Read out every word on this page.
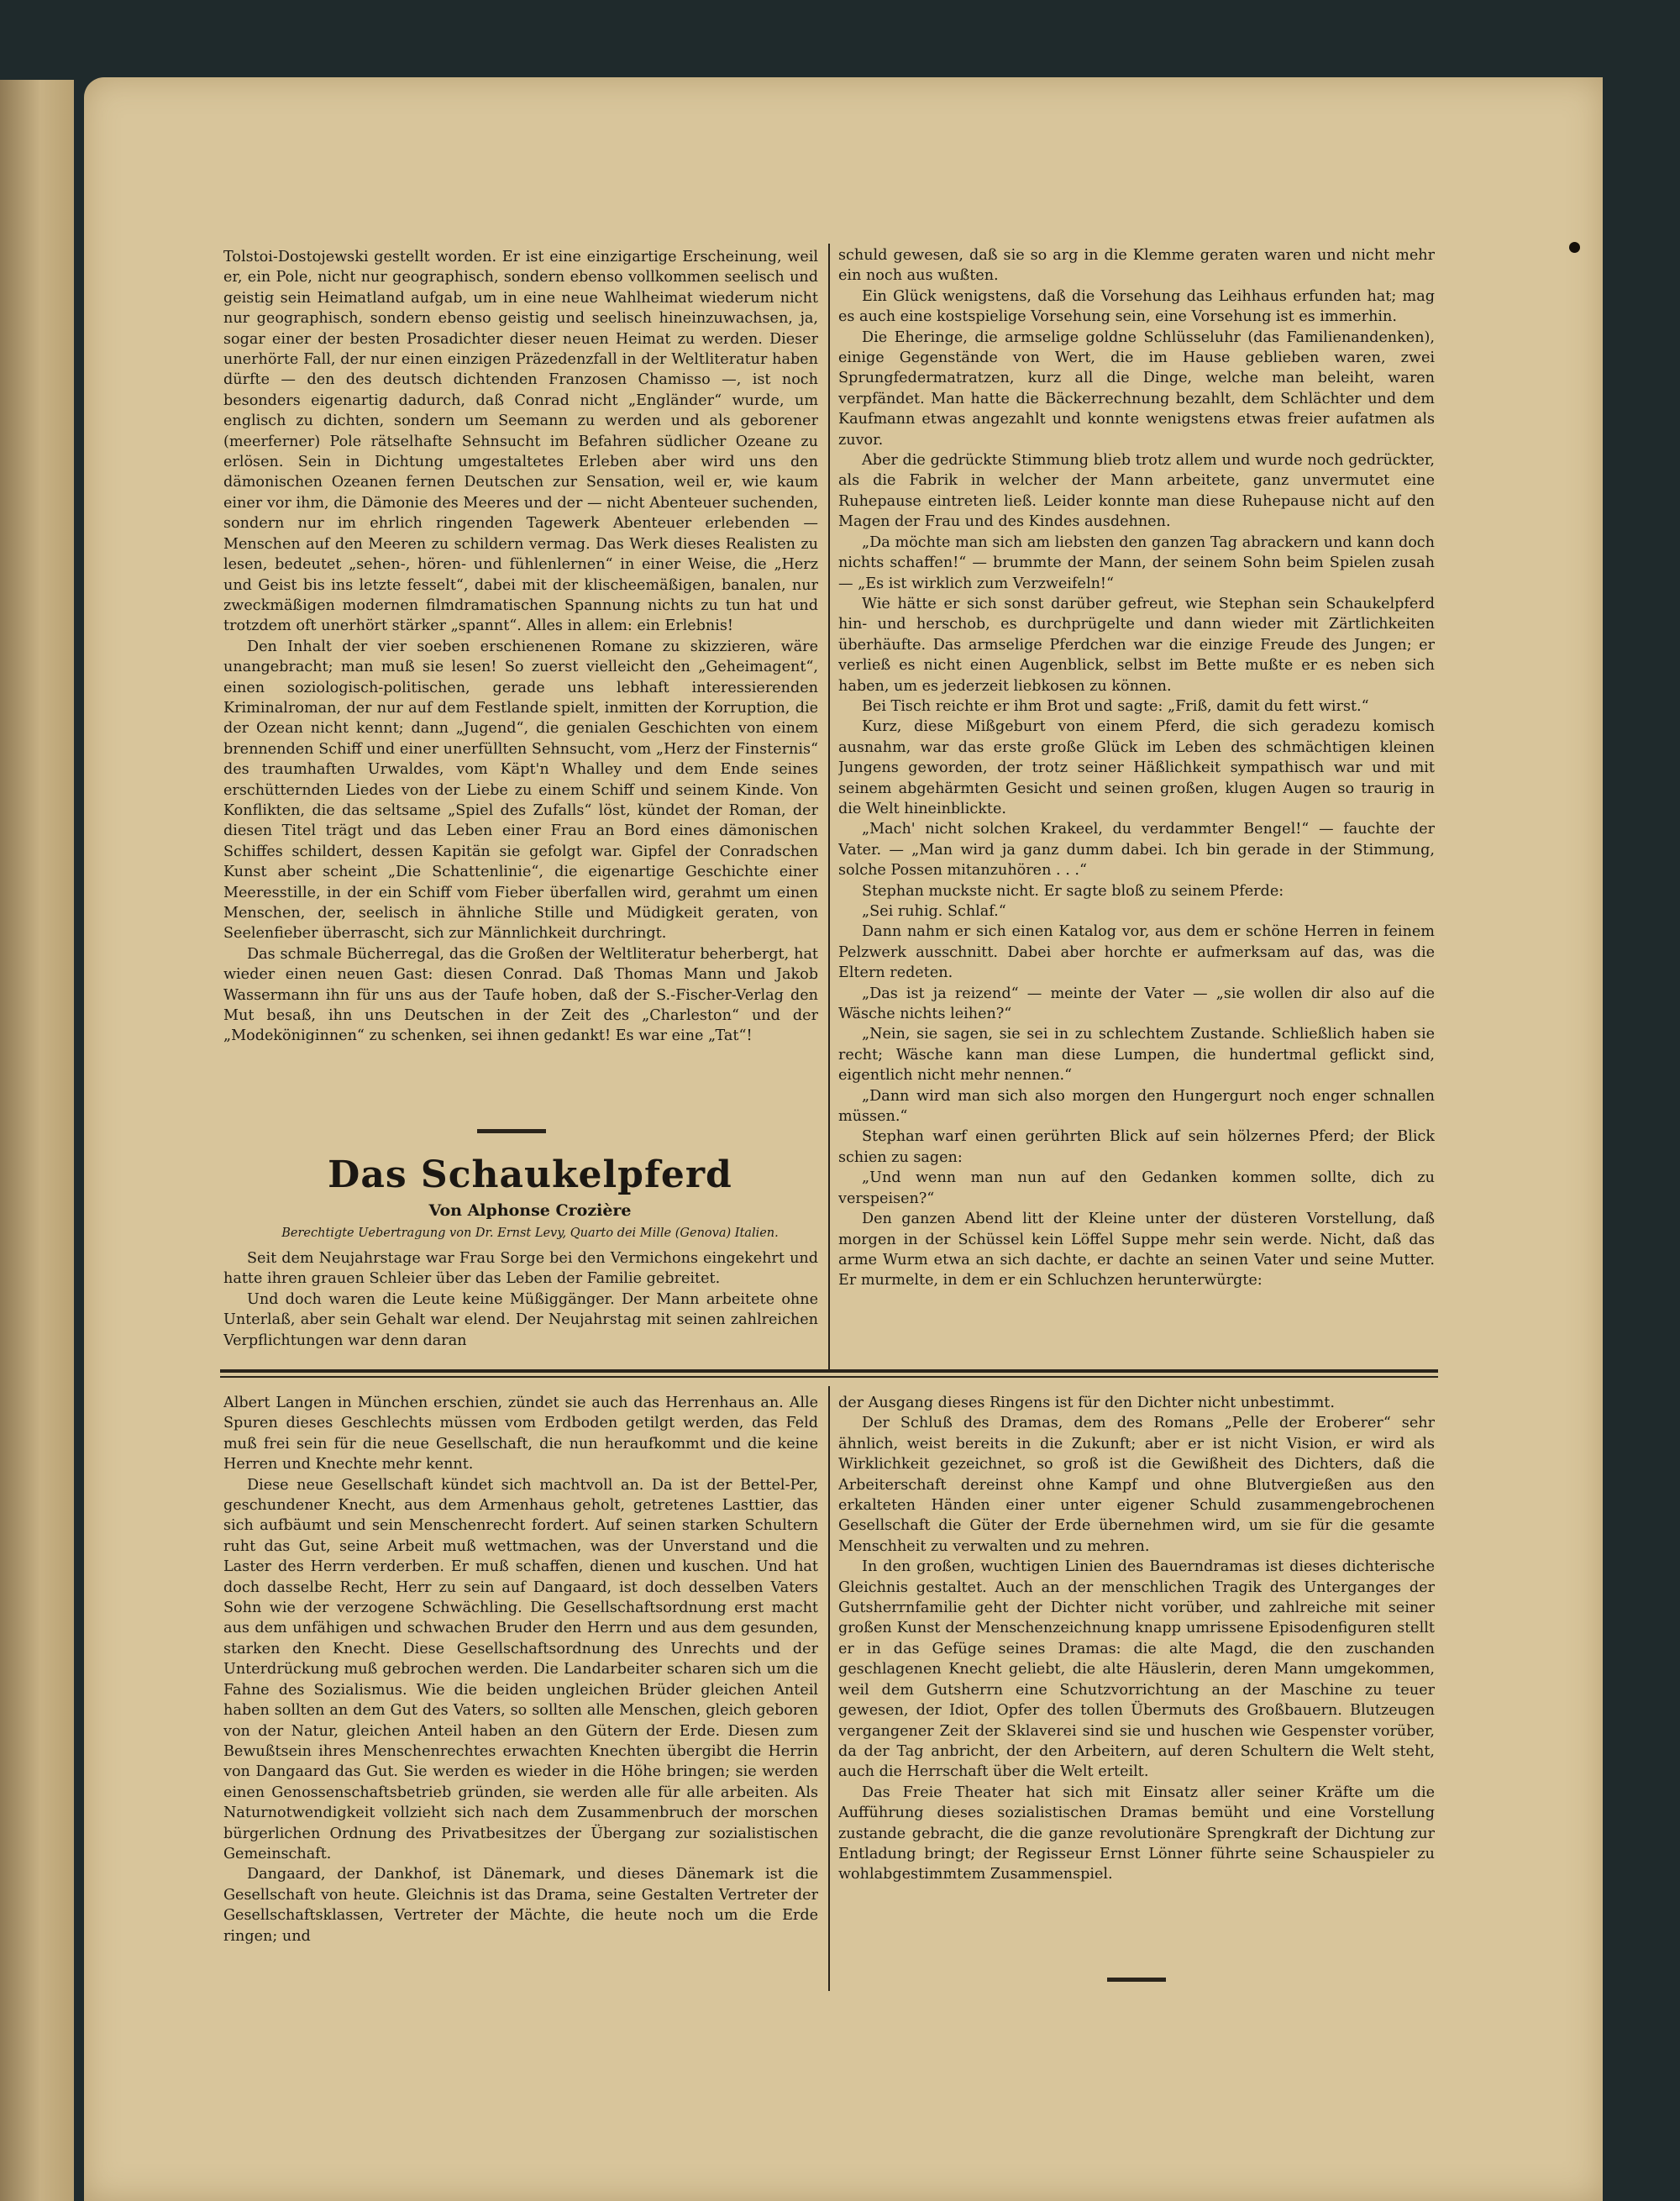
Tolstoi-Dostojewski gestellt worden. Er ist eine einzigartige Erscheinung, weil er, ein Pole, nicht nur geographisch, sondern ebenso vollkommen seelisch und geistig sein Heimatland aufgab, um in eine neue Wahlheimat wiederum nicht nur geographisch, sondern ebenso geistig und seelisch hineinzuwachsen, ja, sogar einer der besten Prosadichter dieser neuen Heimat zu werden. Dieser unerhörte Fall, der nur einen einzigen Präzedenzfall in der Weltliteratur haben dürfte — den des deutsch dichtenden Franzosen Chamisso —, ist noch besonders eigenartig dadurch, daß Conrad nicht „Engländer“ wurde, um englisch zu dichten, sondern um Seemann zu werden und als geborener (meerferner) Pole rätselhafte Sehnsucht im Befahren südlicher Ozeane zu erlösen. Sein in Dichtung umgestaltetes Erleben aber wird uns den dämonischen Ozeanen fernen Deutschen zur Sensation, weil er, wie kaum einer vor ihm, die Dämonie des Meeres und der — nicht Abenteuer suchenden, sondern nur im ehrlich ringenden Tagewerk Abenteuer erlebenden — Menschen auf den Meeren zu schildern vermag. Das Werk dieses Realisten zu lesen, bedeutet „sehen-, hören- und fühlenlernen“ in einer Weise, die „Herz und Geist bis ins letzte fesselt“, dabei mit der klischeemäßigen, banalen, nur zweckmäßigen modernen filmdramatischen Spannung nichts zu tun hat und trotzdem oft unerhört stärker „spannt“. Alles in allem: ein Erlebnis!

Den Inhalt der vier soeben erschienenen Romane zu skizzieren, wäre unangebracht; man muß sie lesen! So zuerst vielleicht den „Geheimagent“, einen soziologisch-politischen, gerade uns lebhaft interessierenden Kriminalroman, der nur auf dem Festlande spielt, inmitten der Korruption, die der Ozean nicht kennt; dann „Jugend“, die genialen Geschichten von einem brennenden Schiff und einer unerfüllten Sehnsucht, vom „Herz der Finsternis“ des traumhaften Urwaldes, vom Käpt'n Whalley und dem Ende seines erschütternden Liedes von der Liebe zu einem Schiff und seinem Kinde. Von Konflikten, die das seltsame „Spiel des Zufalls“ löst, kündet der Roman, der diesen Titel trägt und das Leben einer Frau an Bord eines dämonischen Schiffes schildert, dessen Kapitän sie gefolgt war. Gipfel der Conradschen Kunst aber scheint „Die Schattenlinie“, die eigenartige Geschichte einer Meeresstille, in der ein Schiff vom Fieber überfallen wird, gerahmt um einen Menschen, der, seelisch in ähnliche Stille und Müdigkeit geraten, von Seelenfieber überrascht, sich zur Männlichkeit durchringt.

Das schmale Bücherregal, das die Großen der Weltliteratur beherbergt, hat wieder einen neuen Gast: diesen Conrad. Daß Thomas Mann und Jakob Wassermann ihn für uns aus der Taufe hoben, daß der S.-Fischer-Verlag den Mut besaß, ihn uns Deutschen in der Zeit des „Charleston“ und der „Modeköniginnen“ zu schenken, sei ihnen gedankt! Es war eine „Tat“!

Das Schaukelpferd
Von Alphonse Crozière
Berechtigte Uebertragung von Dr. Ernst Levy, Quarto dei Mille (Genova) Italien.

Seit dem Neujahrstage war Frau Sorge bei den Vermichons eingekehrt und hatte ihren grauen Schleier über das Leben der Familie gebreitet.

Und doch waren die Leute keine Müßiggänger. Der Mann arbeitete ohne Unterlaß, aber sein Gehalt war elend. Der Neujahrstag mit seinen zahlreichen Verpflichtungen war denn daran

schuld gewesen, daß sie so arg in die Klemme geraten waren und nicht mehr ein noch aus wußten.

Ein Glück wenigstens, daß die Vorsehung das Leihhaus erfunden hat; mag es auch eine kostspielige Vorsehung sein, eine Vorsehung ist es immerhin.

Die Eheringe, die armselige goldne Schlüsseluhr (das Familienandenken), einige Gegenstände von Wert, die im Hause geblieben waren, zwei Sprungfedermatratzen, kurz all die Dinge, welche man beleiht, waren verpfändet. Man hatte die Bäckerrechnung bezahlt, dem Schlächter und dem Kaufmann etwas angezahlt und konnte wenigstens etwas freier aufatmen als zuvor.

Aber die gedrückte Stimmung blieb trotz allem und wurde noch gedrückter, als die Fabrik in welcher der Mann arbeitete, ganz unvermutet eine Ruhepause eintreten ließ. Leider konnte man diese Ruhepause nicht auf den Magen der Frau und des Kindes ausdehnen.

„Da möchte man sich am liebsten den ganzen Tag abrackern und kann doch nichts schaffen!“ — brummte der Mann, der seinem Sohn beim Spielen zusah — „Es ist wirklich zum Verzweifeln!“

Wie hätte er sich sonst darüber gefreut, wie Stephan sein Schaukelpferd hin- und herschob, es durchprügelte und dann wieder mit Zärtlichkeiten überhäufte. Das armselige Pferdchen war die einzige Freude des Jungen; er verließ es nicht einen Augenblick, selbst im Bette mußte er es neben sich haben, um es jederzeit liebkosen zu können.

Bei Tisch reichte er ihm Brot und sagte: „Friß, damit du fett wirst.“

Kurz, diese Mißgeburt von einem Pferd, die sich geradezu komisch ausnahm, war das erste große Glück im Leben des schmächtigen kleinen Jungens geworden, der trotz seiner Häßlichkeit sympathisch war und mit seinem abgehärmten Gesicht und seinen großen, klugen Augen so traurig in die Welt hineinblickte.

„Mach' nicht solchen Krakeel, du verdammter Bengel!“ — fauchte der Vater. — „Man wird ja ganz dumm dabei. Ich bin gerade in der Stimmung, solche Possen mitanzuhören . . .“

Stephan muckste nicht. Er sagte bloß zu seinem Pferde:

„Sei ruhig. Schlaf.“

Dann nahm er sich einen Katalog vor, aus dem er schöne Herren in feinem Pelzwerk ausschnitt. Dabei aber horchte er aufmerksam auf das, was die Eltern redeten.

„Das ist ja reizend“ — meinte der Vater — „sie wollen dir also auf die Wäsche nichts leihen?“

„Nein, sie sagen, sie sei in zu schlechtem Zustande. Schließlich haben sie recht; Wäsche kann man diese Lumpen, die hundertmal geflickt sind, eigentlich nicht mehr nennen.“

„Dann wird man sich also morgen den Hungergurt noch enger schnallen müssen.“

Stephan warf einen gerührten Blick auf sein hölzernes Pferd; der Blick schien zu sagen:

„Und wenn man nun auf den Gedanken kommen sollte, dich zu verspeisen?“

Den ganzen Abend litt der Kleine unter der düsteren Vorstellung, daß morgen in der Schüssel kein Löffel Suppe mehr sein werde. Nicht, daß das arme Wurm etwa an sich dachte, er dachte an seinen Vater und seine Mutter. Er murmelte, in dem er ein Schluchzen herunterwürgte:

Albert Langen in München erschien, zündet sie auch das Herrenhaus an. Alle Spuren dieses Geschlechts müssen vom Erdboden getilgt werden, das Feld muß frei sein für die neue Gesellschaft, die nun heraufkommt und die keine Herren und Knechte mehr kennt.

Diese neue Gesellschaft kündet sich machtvoll an. Da ist der Bettel-Per, geschundener Knecht, aus dem Armenhaus geholt, getretenes Lasttier, das sich aufbäumt und sein Menschenrecht fordert. Auf seinen starken Schultern ruht das Gut, seine Arbeit muß wettmachen, was der Unverstand und die Laster des Herrn verderben. Er muß schaffen, dienen und kuschen. Und hat doch dasselbe Recht, Herr zu sein auf Dangaard, ist doch desselben Vaters Sohn wie der verzogene Schwächling. Die Gesellschaftsordnung erst macht aus dem unfähigen und schwachen Bruder den Herrn und aus dem gesunden, starken den Knecht. Diese Gesellschaftsordnung des Unrechts und der Unterdrückung muß gebrochen werden. Die Landarbeiter scharen sich um die Fahne des Sozialismus. Wie die beiden ungleichen Brüder gleichen Anteil haben sollten an dem Gut des Vaters, so sollten alle Menschen, gleich geboren von der Natur, gleichen Anteil haben an den Gütern der Erde. Diesen zum Bewußtsein ihres Menschenrechtes erwachten Knechten übergibt die Herrin von Dangaard das Gut. Sie werden es wieder in die Höhe bringen; sie werden einen Genossenschaftsbetrieb gründen, sie werden alle für alle arbeiten. Als Naturnotwendigkeit vollzieht sich nach dem Zusammenbruch der morschen bürgerlichen Ordnung des Privatbesitzes der Übergang zur sozialistischen Gemeinschaft.

Dangaard, der Dankhof, ist Dänemark, und dieses Dänemark ist die Gesellschaft von heute. Gleichnis ist das Drama, seine Gestalten Vertreter der Gesellschaftsklassen, Vertreter der Mächte, die heute noch um die Erde ringen; und

der Ausgang dieses Ringens ist für den Dichter nicht unbestimmt.

Der Schluß des Dramas, dem des Romans „Pelle der Eroberer“ sehr ähnlich, weist bereits in die Zukunft; aber er ist nicht Vision, er wird als Wirklichkeit gezeichnet, so groß ist die Gewißheit des Dichters, daß die Arbeiterschaft dereinst ohne Kampf und ohne Blutvergießen aus den erkalteten Händen einer unter eigener Schuld zusammengebrochenen Gesellschaft die Güter der Erde übernehmen wird, um sie für die gesamte Menschheit zu verwalten und zu mehren.

In den großen, wuchtigen Linien des Bauerndramas ist dieses dichterische Gleichnis gestaltet. Auch an der menschlichen Tragik des Unterganges der Gutsherrnfamilie geht der Dichter nicht vorüber, und zahlreiche mit seiner großen Kunst der Menschenzeichnung knapp umrissene Episodenfiguren stellt er in das Gefüge seines Dramas: die alte Magd, die den zuschanden geschlagenen Knecht geliebt, die alte Häuslerin, deren Mann umgekommen, weil dem Gutsherrn eine Schutzvorrichtung an der Maschine zu teuer gewesen, der Idiot, Opfer des tollen Übermuts des Großbauern. Blutzeugen vergangener Zeit der Sklaverei sind sie und huschen wie Gespenster vorüber, da der Tag anbricht, der den Arbeitern, auf deren Schultern die Welt steht, auch die Herrschaft über die Welt erteilt.

Das Freie Theater hat sich mit Einsatz aller seiner Kräfte um die Aufführung dieses sozialistischen Dramas bemüht und eine Vorstellung zustande gebracht, die die ganze revolutionäre Sprengkraft der Dichtung zur Entladung bringt; der Regisseur Ernst Lönner führte seine Schauspieler zu wohlabgestimmtem Zusammenspiel.
